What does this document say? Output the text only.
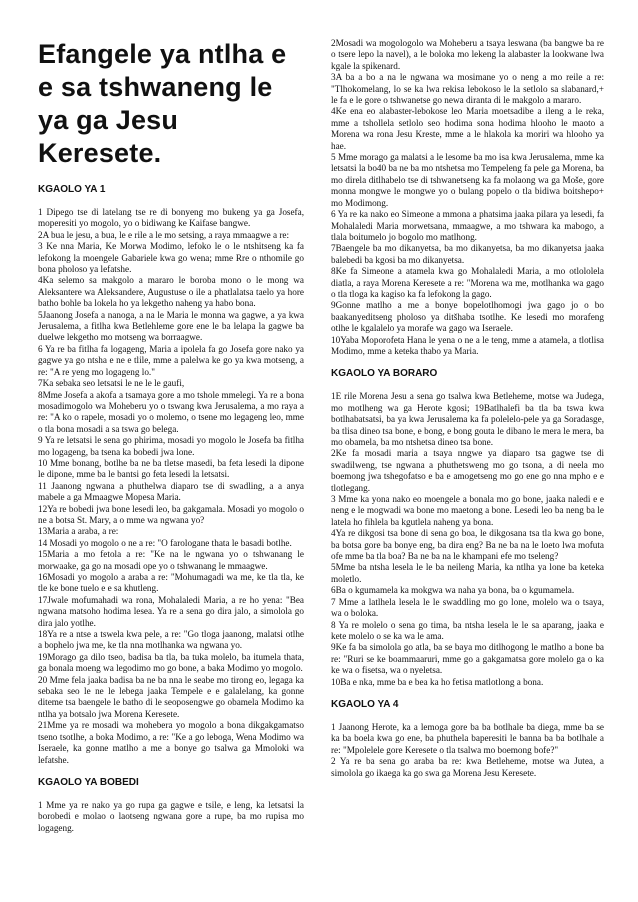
Efangele ya ntlha e e sa tshwaneng le ya ga Jesu Keresete.
KGAOLO YA 1

1 Dipego tse di latelang tse re di bonyeng mo bukeng ya ga Josefa, moperesiti yo mogolo, yo o bidiwang ke Kaifase bangwe.

2A bua le jesu, a bua, le e rile a le mo setsing, a raya mmaagwe a re:

3 Ke nna Maria, Ke Morwa Modimo, lefoko le o le ntshitseng ka fa lefokong la moengele Gabariele kwa go wena; mme Rre o nthomile go bona pholoso ya lefatshe.

4Ka selemo sa makgolo a mararo le boroba mono o le mong wa Aleksantere wa Aleksandere, Augustuse o ile a phatlalatsa taelo ya hore batho bohle ba lokela ho ya lekgetho naheng ya habo bona.

5Jaanong Josefa a nanoga, a na le Maria le monna wa gagwe, a ya kwa Jerusalema, a fitlha kwa Betlehleme gore ene le ba lelapa la gagwe ba duelwe lekgetho mo motseng wa borraagwe.

6 Ya re ba fitlha fa logageng, Maria a ipolela fa go Josefa gore nako ya gagwe ya go ntsha e ne e tlile, mme a palelwa ke go ya kwa motseng, a re: "A re yeng mo logageng lo."

7Ka sebaka seo letsatsi le ne le le gaufi,

8Mme Josefa a akofa a tsamaya gore a mo tshole mmelegi. Ya re a bona mosadimogolo wa Moheberu yo o tswang kwa Jerusalema, a mo raya a re: "A ko o rapele, mosadi yo o molemo, o tsene mo legageng leo, mme o tla bona mosadi a sa tswa go belega.

9 Ya re letsatsi le sena go phirima, mosadi yo mogolo le Josefa ba fitlha mo logageng, ba tsena ka bobedi jwa lone.

10 Mme bonang, botlhe ba ne ba tletse masedi, ba feta lesedi la dipone le dipone, mme ba le bantsi go feta lesedi la letsatsi.

11 Jaanong ngwana a phuthelwa diaparo tse di swadling, a a anya mabele a ga Mmaagwe Mopesa Maria.

12Ya re bobedi jwa bone lesedi leo, ba gakgamala. Mosadi yo mogolo o ne a botsa St. Mary, a o mme wa ngwana yo?

13Maria a araba, a re:

14 Mosadi yo mogolo o ne a re: "O farologane thata le basadi botlhe.

15Maria a mo fetola a re: "Ke na le ngwana yo o tshwanang le morwaake, ga go na mosadi ope yo o tshwanang le mmaagwe.

16Mosadi yo mogolo a araba a re: "Mohumagadi wa me, ke tla tla, ke tle ke bone tuelo e e sa khutleng.

17Jwale mofumahadi wa rona, Mohalaledi Maria, a re ho yena: "Bea ngwana matsoho hodima lesea. Ya re a sena go dira jalo, a simolola go dira jalo yotlhe.

18Ya re a ntse a tswela kwa pele, a re: "Go tloga jaanong, malatsi otlhe a bophelo jwa me, ke tla nna motlhanka wa ngwana yo.

19Morago ga dilo tseo, badisa ba tla, ba tuka molelo, ba itumela thata, ga bonala moeng wa legodimo mo go bone, a baka Modimo yo mogolo.

20 Mme fela jaaka badisa ba ne ba nna le seabe mo tirong eo, legaga ka sebaka seo le ne le lebega jaaka Tempele e e galalelang, ka gonne diteme tsa baengele le batho di le seoposengwe go obamela Modimo ka ntlha ya botsalo jwa Morena Keresete.

21Mme ya re mosadi wa mohebera yo mogolo a bona dikgakgamatso tseno tsotlhe, a boka Modimo, a re: "Ke a go leboga, Wena Modimo wa Iseraele, ka gonne matlho a me a bonye go tsalwa ga Mmoloki wa lefatshe.

KGAOLO YA BOBEDI

1 Mme ya re nako ya go rupa ga gagwe e tsile, e leng, ka letsatsi la borobedi e molao o laotseng ngwana gore a rupe, ba mo rupisa mo logageng.

2Mosadi wa mogologolo wa Moheberu a tsaya leswana (ba bangwe ba re o tsere lepo la navel), a le boloka mo lekeng la alabaster la lookwane lwa kgale la spikenard.

3A ba a bo a na le ngwana wa mosimane yo o neng a mo reile a re: "Tlhokomelang, lo se ka lwa rekisa lebokoso le la setlolo sa slabanard,+ le fa e le gore o tshwanetse go newa diranta di le makgolo a mararo.

4Ke ena eo alabaster-lebokose leo Maria moetsadibe a ileng a le reka, mme a tshollela setlolo seo hodima sona hodima hlooho le maoto a Morena wa rona Jesu Kreste, mme a le hlakola ka moriri wa hlooho ya hae.

5 Mme morago ga malatsi a le lesome ba mo isa kwa Jerusalema, mme ka letsatsi la bo40 ba ne ba mo ntshetsa mo Tempeleng fa pele ga Morena, ba mo direla ditlhabelo tse di tshwanetseng ka fa molaong wa ga Moše, gore monna mongwe le mongwe yo o bulang popelo o tla bidiwa boitshepo+ mo Modimong.

6 Ya re ka nako eo Simeone a mmona a phatsima jaaka pilara ya lesedi, fa Mohalaledi Maria morwetsana, mmaagwe, a mo tshwara ka mabogo, a tlala boitumelo jo bogolo mo matlhong.

7Baengele ba mo dikanyetsa, ba mo dikanyetsa, ba mo dikanyetsa jaaka balebedi ba kgosi ba mo dikanyetsa.

8Ke fa Simeone a atamela kwa go Mohalaledi Maria, a mo otlololela diatla, a raya Morena Keresete a re: "Morena wa me, motlhanka wa gago o tla tloga ka kagiso ka fa lefokong la gago.

9Gonne matlho a me a bonye bopelotlhomogi jwa gago jo o bo baakanyeditseng pholoso ya ditšhaba tsotlhe. Ke lesedi mo morafeng otlhe le kgalalelo ya morafe wa gago wa Iseraele.

10Yaba Moporofeta Hana le yena o ne a le teng, mme a atamela, a tlotlisa Modimo, mme a keteka thabo ya Maria.

KGAOLO YA BORARO

1E rile Morena Jesu a sena go tsalwa kwa Betleheme, motse wa Judega, mo motlheng wa ga Herote kgosi; 19Batlhalefi ba tla ba tswa kwa botlhabatsatsi, ba ya kwa Jerusalema ka fa polelelo-pele ya ga Soradasge, ba tlisa dineo tsa bone, e bong, e bong gouta le dibano le mera le mera, ba mo obamela, ba mo ntshetsa dineo tsa bone.

2Ke fa mosadi maria a tsaya nngwe ya diaparo tsa gagwe tse di swadilweng, tse ngwana a phuthetsweng mo go tsona, a di neela mo boemong jwa tshegofatso e ba e amogetseng mo go ene go nna mpho e e tlotlegang.

3 Mme ka yona nako eo moengele a bonala mo go bone, jaaka naledi e e neng e le mogwadi wa bone mo maetong a bone. Lesedi leo ba neng ba le latela ho fihlela ba kgutlela naheng ya bona.

4Ya re dikgosi tsa bone di sena go boa, le dikgosana tsa tla kwa go bone, ba botsa gore ba bonye eng, ba dira eng? Ba ne ba na le loeto lwa mofuta ofe mme ba tla boa? Ba ne ba na le khampani efe mo tseleng?

5Mme ba ntsha lesela le le ba neileng Maria, ka ntlha ya lone ba keteka moletlo.

6Ba o kgumamela ka mokgwa wa naha ya bona, ba o kgumamela.

7 Mme a latlhela lesela le le swaddling mo go lone, molelo wa o tsaya, wa o boloka.

8 Ya re molelo o sena go tima, ba ntsha lesela le le sa aparang, jaaka e kete molelo o se ka wa le ama.

9Ke fa ba simolola go atla, ba se baya mo ditlhogong le matlho a bone ba re: "Ruri se ke boammaaruri, mme go a gakgamatsa gore molelo ga o ka ke wa o fisetsa, wa o nyeletsa.

10Ba e nka, mme ba e bea ka ho fetisa matlotlong a bona.

KGAOLO YA 4

1 Jaanong Herote, ka a lemoga gore ba ba botlhale ba diega, mme ba se ka ba boela kwa go ene, ba phuthela baperesiti le banna ba ba botlhale a re: "Mpolelele gore Keresete o tla tsalwa mo boemong bofe?"

2 Ya re ba sena go araba ba re: kwa Betleheme, motse wa Jutea, a simolola go ikaega ka go swa ga Morena Jesu Keresete.
